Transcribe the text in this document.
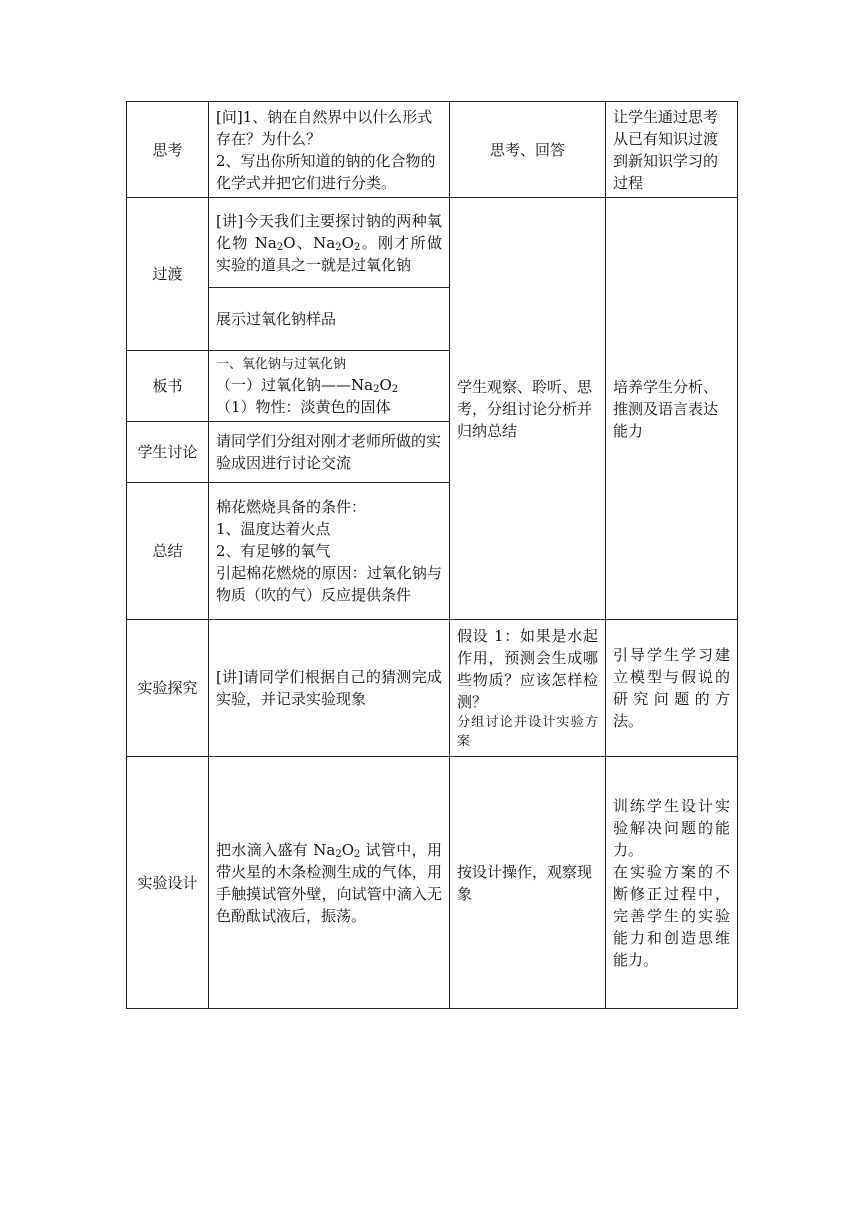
思考	[问]1、钠在自然界中以什么形式存在？为什么？
2、写出你所知道的钠的化合物的化学式并把它们进行分类。	思考、回答	让学生通过思考从已有知识过渡到新知识学习的过程
过渡	[讲]今天我们主要探讨钠的两种氧化物 $Na_2O$、$Na_2O_2$。刚才所做实验的道具之一就是过氧化钠	学生观察、聆听、思考，分组讨论分析并归纳总结	培养学生分析、推测及语言表达能力
	展示过氧化钠样品		
板书	一、氧化钠与过氧化钠
（一）过氧化钠$——Na_2O_2$
（1）物性：淡黄色的固体		

学生讨论	请同学们分组对刚才老师所做的实验成因进行讨论交流		
总结	棉花燃烧具备的条件：
1、温度达着火点
2、有足够的氧气
引起棉花燃烧的原因：过氧化钠与物质（吹的气）反应提供条件		

实验探究	[讲]请同学们根据自己的猜测完成实验，并记录实验现象	假设 1：如果是水起作用，预测会生成哪些物质？应该怎样检测？
分组讨论并设计实验方案	引导学生学习建立模型与假说的研究问题的方法。
实验设计	把水滴入盛有 $Na_2O_2$ 试管中，用带火星的木条检测生成的气体，用手触摸试管外壁，向试管中滴入无色酚酞试液后，振荡。	按设计操作，观察现象	训练学生设计实验解决问题的能力。
在实验方案的不断修正过程中，完善学生的实验能力和创造思维能力。
